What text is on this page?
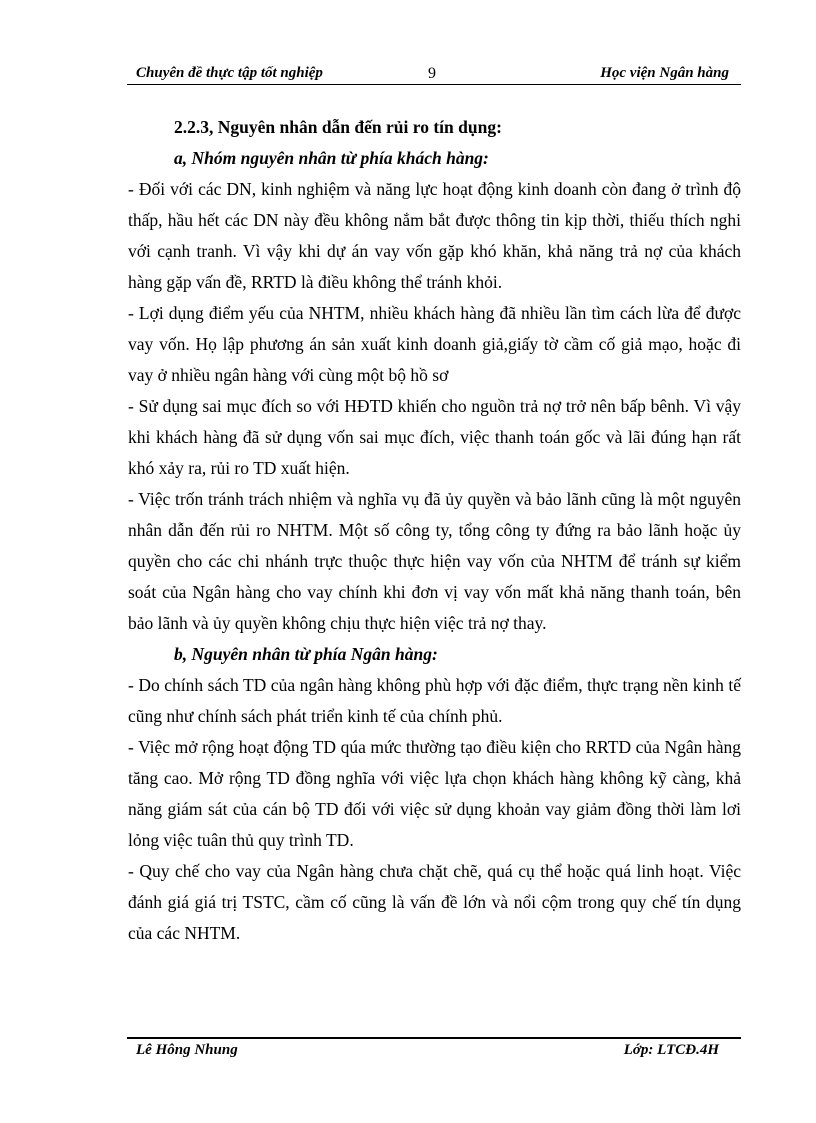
Chuyên đề thực tập tốt nghiệp	9	Học viện Ngân hàng

2.2.3, Nguyên nhân dẫn đến rủi ro tín dụng:

a, Nhóm nguyên nhân từ phía khách hàng:

- Đối với các DN, kinh nghiệm và năng lực hoạt động kinh doanh còn đang ở trình độ thấp, hầu hết các DN này đều không nắm bắt được thông tin kịp thời, thiếu thích nghi với cạnh tranh. Vì vậy khi dự án vay vốn gặp khó khăn, khả năng trả nợ của khách hàng gặp vấn đề, RRTD là điều không thể tránh khỏi.

- Lợi dụng điểm yếu của NHTM, nhiều khách hàng đã nhiều lần tìm cách lừa để được vay vốn. Họ lập phương án sản xuất kinh doanh giả,giấy tờ cầm cố giả mạo, hoặc đi vay ở nhiều ngân hàng với cùng một bộ hồ sơ

- Sử dụng sai mục đích so với HĐTD khiến cho nguồn trả nợ trở nên bấp bênh. Vì vậy khi khách hàng đã sử dụng vốn sai mục đích, việc thanh toán gốc và lãi đúng hạn rất khó xảy ra, rủi ro TD xuất hiện.

- Việc trốn tránh trách nhiệm và nghĩa vụ đã ủy quyền và bảo lãnh cũng là một nguyên nhân dẫn đến rủi ro NHTM. Một số công ty, tổng công ty đứng ra bảo lãnh hoặc ủy quyền cho các chi nhánh trực thuộc thực hiện vay vốn của NHTM để tránh sự kiểm soát của Ngân hàng cho vay chính khi đơn vị vay vốn mất khả năng thanh toán, bên bảo lãnh và ủy quyền không chịu thực hiện việc trả nợ thay.

b, Nguyên nhân từ phía Ngân hàng:

- Do chính sách TD của ngân hàng không phù hợp với đặc điểm, thực trạng nền kinh tế cũng như chính sách phát triển kinh tế của chính phủ.

- Việc mở rộng hoạt động TD qúa mức thường tạo điều kiện cho RRTD của Ngân hàng tăng cao. Mở rộng TD đồng nghĩa với việc lựa chọn khách hàng không kỹ càng, khả năng giám sát của cán bộ TD đối với việc sử dụng khoản vay giảm đồng thời làm lơi lỏng việc tuân thủ quy trình TD.

- Quy chế cho vay của Ngân hàng chưa chặt chẽ, quá cụ thể hoặc quá linh hoạt. Việc đánh giá giá trị TSTC, cầm cố cũng là vấn đề lớn và nổi cộm trong quy chế tín dụng của các NHTM.

Lê Hông Nhung	Lớp: LTCĐ.4H
